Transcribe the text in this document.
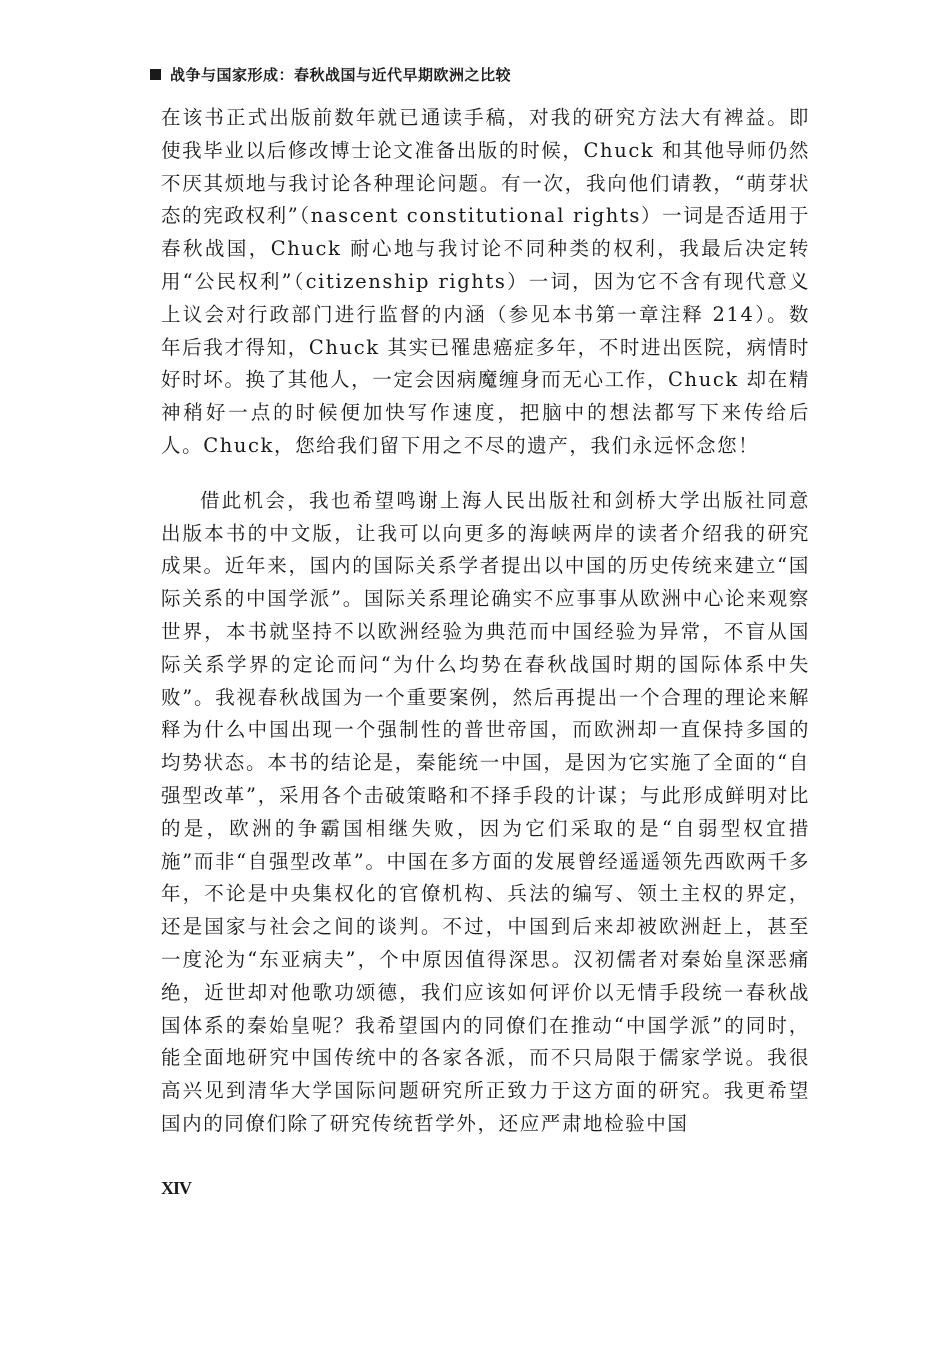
战争与国家形成：春秋战国与近代早期欧洲之比较

在该书正式出版前数年就已通读手稿，对我的研究方法大有裨益。即使我毕业以后修改博士论文准备出版的时候，Chuck 和其他导师仍然不厌其烦地与我讨论各种理论问题。有一次，我向他们请教，“萌芽状态的宪政权利”（nascent constitutional rights）一词是否适用于春秋战国，Chuck 耐心地与我讨论不同种类的权利，我最后决定转用“公民权利”（citizenship rights）一词，因为它不含有现代意义上议会对行政部门进行监督的内涵（参见本书第一章注释 214）。数年后我才得知，Chuck 其实已罹患癌症多年，不时进出医院，病情时好时坏。换了其他人，一定会因病魔缠身而无心工作，Chuck 却在精神稍好一点的时候便加快写作速度，把脑中的想法都写下来传给后人。Chuck，您给我们留下用之不尽的遗产，我们永远怀念您！

借此机会，我也希望鸣谢上海人民出版社和剑桥大学出版社同意出版本书的中文版，让我可以向更多的海峡两岸的读者介绍我的研究成果。近年来，国内的国际关系学者提出以中国的历史传统来建立“国际关系的中国学派”。国际关系理论确实不应事事从欧洲中心论来观察世界，本书就坚持不以欧洲经验为典范而中国经验为异常，不盲从国际关系学界的定论而问“为什么均势在春秋战国时期的国际体系中失败”。我视春秋战国为一个重要案例，然后再提出一个合理的理论来解释为什么中国出现一个强制性的普世帝国，而欧洲却一直保持多国的均势状态。本书的结论是，秦能统一中国，是因为它实施了全面的“自强型改革”，采用各个击破策略和不择手段的计谋；与此形成鲜明对比的是，欧洲的争霸国相继失败，因为它们采取的是“自弱型权宜措施”而非“自强型改革”。中国在多方面的发展曾经遥遥领先西欧两千多年，不论是中央集权化的官僚机构、兵法的编写、领土主权的界定，还是国家与社会之间的谈判。不过，中国到后来却被欧洲赶上，甚至一度沦为“东亚病夫”，个中原因值得深思。汉初儒者对秦始皇深恶痛绝，近世却对他歌功颂德，我们应该如何评价以无情手段统一春秋战国体系的秦始皇呢？我希望国内的同僚们在推动“中国学派”的同时，能全面地研究中国传统中的各家各派，而不只局限于儒家学说。我很高兴见到清华大学国际问题研究所正致力于这方面的研究。我更希望国内的同僚们除了研究传统哲学外，还应严肃地检验中国

XIV
